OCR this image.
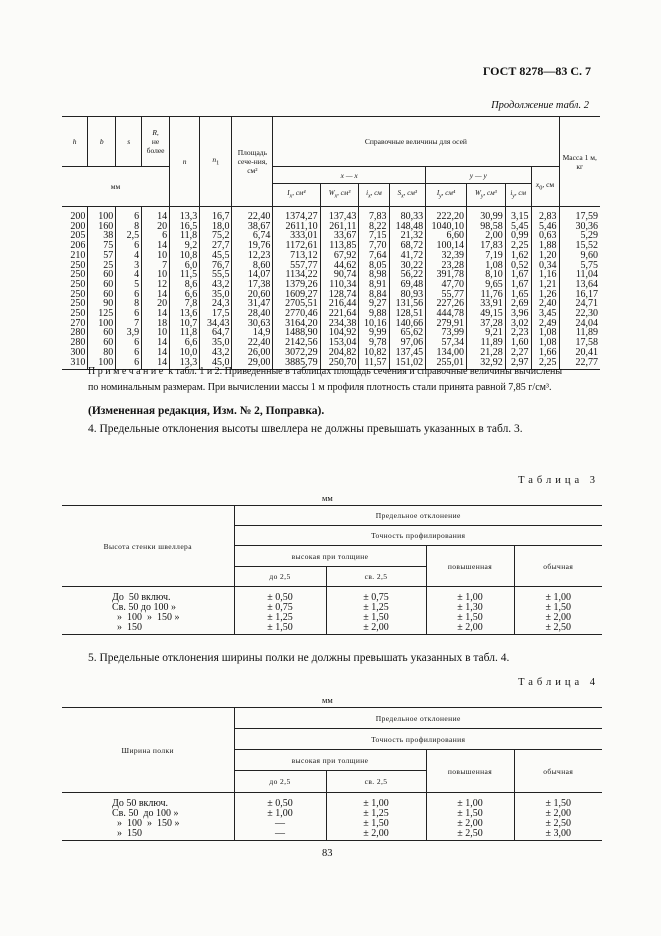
ГОСТ 8278—83 С. 7
Продолжение табл. 2
h	b	s	R,
не более	n	$n_1$	Площадь сече-ния, см²	Справочные величины для осей								Масса 1 м, кг
мм							x — x				y — y			$x_0$, см	
							$I_x$, см⁴	$W_x$, см³	$i_x$, см	$S_x$, см³	$I_y$, см⁴	$W_y$, см³	$i_y$, см		
200	100	6	14	13,3	16,7	22,40	1374,27	137,43	7,83	80,33	222,20	30,99	3,15	2,83	17,59
200	160	8	20	16,5	18,0	38,67	2611,10	261,11	8,22	148,48	1040,10	98,58	5,45	5,46	30,36
205	38	2,5	6	11,8	75,2	6,74	333,01	33,67	7,15	21,32	6,60	2,00	0,99	0,63	5,29
206	75	6	14	9,2	27,7	19,76	1172,61	113,85	7,70	68,72	100,14	17,83	2,25	1,88	15,52
210	57	4	10	10,8	45,5	12,23	713,12	67,92	7,64	41,72	32,39	7,19	1,62	1,20	9,60
250	25	3	7	6,0	76,7	8,60	557,77	44,62	8,05	30,22	23,28	1,08	0,52	0,34	5,75
250	60	4	10	11,5	55,5	14,07	1134,22	90,74	8,98	56,22	391,78	8,10	1,67	1,16	11,04
250	60	5	12	8,6	43,2	17,38	1379,26	110,34	8,91	69,48	47,70	9,65	1,67	1,21	13,64
250	60	6	14	6,6	35,0	20,60	1609,27	128,74	8,84	80,93	55,77	11,76	1,65	1,26	16,17
250	90	8	20	7,8	24,3	31,47	2705,51	216,44	9,27	131,56	227,26	33,91	2,69	2,40	24,71
250	125	6	14	13,6	17,5	28,40	2770,46	221,64	9,88	128,51	444,78	49,15	3,96	3,45	22,30
270	100	7	18	10,7	34,43	30,63	3164,20	234,38	10,16	140,66	279,91	37,28	3,02	2,49	24,04
280	60	3,9	10	11,8	64,7	14,9	1488,90	104,92	9,99	65,62	73,99	9,21	2,23	1,08	11,89
280	60	6	14	6,6	35,0	22,40	2142,56	153,04	9,78	97,06	57,34	11,89	1,60	1,08	17,58
300	80	6	14	10,0	43,2	26,00	3072,29	204,82	10,82	137,45	134,00	21,28	2,27	1,66	20,41
310	100	6	14	13,3	45,0	29,00	3885,79	250,70	11,57	151,02	255,01	32,92	2,97	2,25	22,77
Примечание к табл. 1 и 2. Приведенные в таблицах площадь сечения и справочные величины вычислены
по номинальным размерам. При вычислении массы 1 м профиля плотность стали принята равной 7,85 г/см³.
(Измененная редакция, Изм. № 2, Поправка).
4. Предельные отклонения высоты швеллера не должны превышать указанных в табл. 3.
Таблица 3
мм
Высота стенки швеллера	Предельное отклонение			
	Точность профилирования			
	высокая при толщине		повышенная	обычная
	до 2,5	св. 2,5		
До  50 включ.	± 0,50	± 0,75	± 1,00	± 1,00
Св. 50 до 100 »	± 0,75	± 1,25	± 1,30	± 1,50
»  100  »  150 »	± 1,25	± 1,50	± 1,50	± 2,00
»  150	± 1,50	± 2,00	± 2,00	± 2,50
5. Предельные отклонения ширины полки не должны превышать указанных в табл. 4.
Таблица 4
мм
Ширина полки	Предельное отклонение			
	Точность профилирования			
	высокая при толщине		повышенная	обычная
	до 2,5	св. 2,5		
До 50 включ.	± 0,50	± 1,00	± 1,00	± 1,50
Св. 50  до 100 »	± 1,00	± 1,25	± 1,50	± 2,00
»  100  »  150 »	—	± 1,50	± 2,00	± 2,50
»  150	—	± 2,00	± 2,50	± 3,00
83
